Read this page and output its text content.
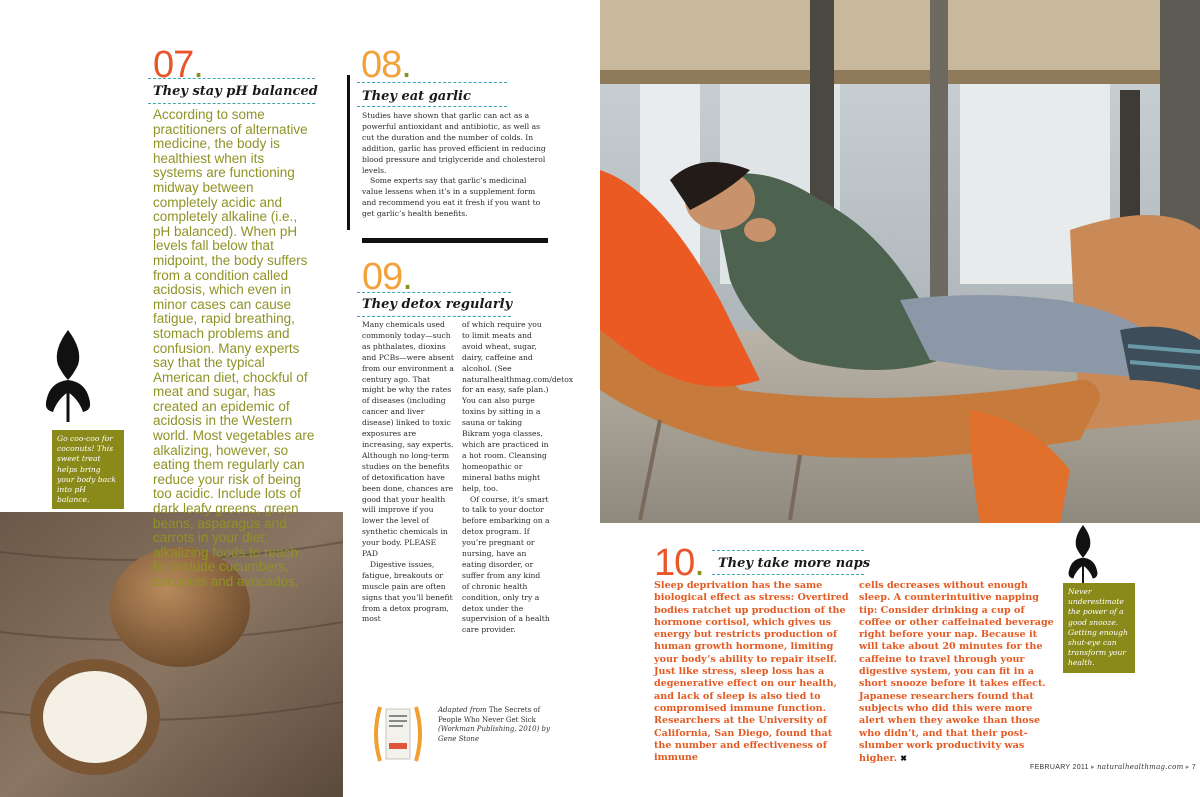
07.
They stay pH balanced
According to some practitioners of alternative medicine, the body is healthiest when its systems are functioning midway between completely acidic and completely alkaline (i.e., pH balanced). When pH levels fall below that midpoint, the body suffers from a condition called acidosis, which even in minor cases can cause fatigue, rapid breathing, stomach problems and confusion. Many experts say that the typical American diet, chockful of meat and sugar, has created an epidemic of acidosis in the Western world. Most vegetables are alkalizing, however, so eating them regularly can reduce your risk of being too acidic. Include lots of dark leafy greens, green beans, asparagus and carrots in your diet; alkalizing foods to reach for include cucumbers, coconuts and avocados.
Go coo-coo for coconuts! This sweet treat helps bring your body back into pH balance.
08.
They eat garlic

Studies have shown that garlic can act as a powerful antioxidant and antibiotic, as well as cut the duration and the number of colds. In addition, garlic has proved efficient in reducing blood pressure and triglyceride and cholesterol levels.

Some experts say that garlic’s medicinal value lessens when it’s in a supplement form and recommend you eat it fresh if you want to get garlic’s health benefits.

09.
They detox regularly

Many chemicals used commonly today—such as phthalates, dioxins and PCBs—were absent from our environment a century ago. That might be why the rates of diseases (including cancer and liver disease) linked to toxic exposures are increasing, say experts. Although no long-term studies on the benefits of detoxification have been done, chances are good that your health will improve if you lower the level of synthetic chemicals in your body. PLEASE PAD

Digestive issues, fatigue, breakouts or muscle pain are often signs that you’ll benefit from a detox program, most

of which require you to limit meats and avoid wheat, sugar, dairy, caffeine and alcohol. (See naturalhealthmag.com/detox for an easy, safe plan.) You can also purge toxins by sitting in a sauna or taking Bikram yoga classes, which are practiced in a hot room. Cleansing homeopathic or mineral baths might help, too.

Of course, it’s smart to talk to your doctor before embarking on a detox program. If you’re pregnant or nursing, have an eating disorder, or suffer from any kind of chronic health condition, only try a detox under the supervision of a health care provider.

Adapted from The Secrets of People Who Never Get Sick (Workman Publishing, 2010) by Gene Stone
10. They take more naps
Sleep deprivation has the same biological effect as stress: Overtired bodies ratchet up production of the hormone cortisol, which gives us energy but restricts production of human growth hormone, limiting your body’s ability to repair itself. Just like stress, sleep loss has a degenerative effect on our health, and lack of sleep is also tied to compromised immune function. Researchers at the University of California, San Diego, found that the number and effectiveness of immune
cells decreases without enough sleep. A counterintuitive napping tip: Consider drinking a cup of coffee or other caffeinated beverage right before your nap. Because it will take about 20 minutes for the caffeine to travel through your digestive system, you can fit in a short snooze before it takes effect. Japanese researchers found that subjects who did this were more alert when they awoke than those who didn’t, and that their post-slumber work productivity was higher. ✖
Never underestimate the power of a good snooze. Getting enough shut-eye can transform your health.
FEBRUARY 2011 ▸ naturalhealthmag.com ▸ 7
